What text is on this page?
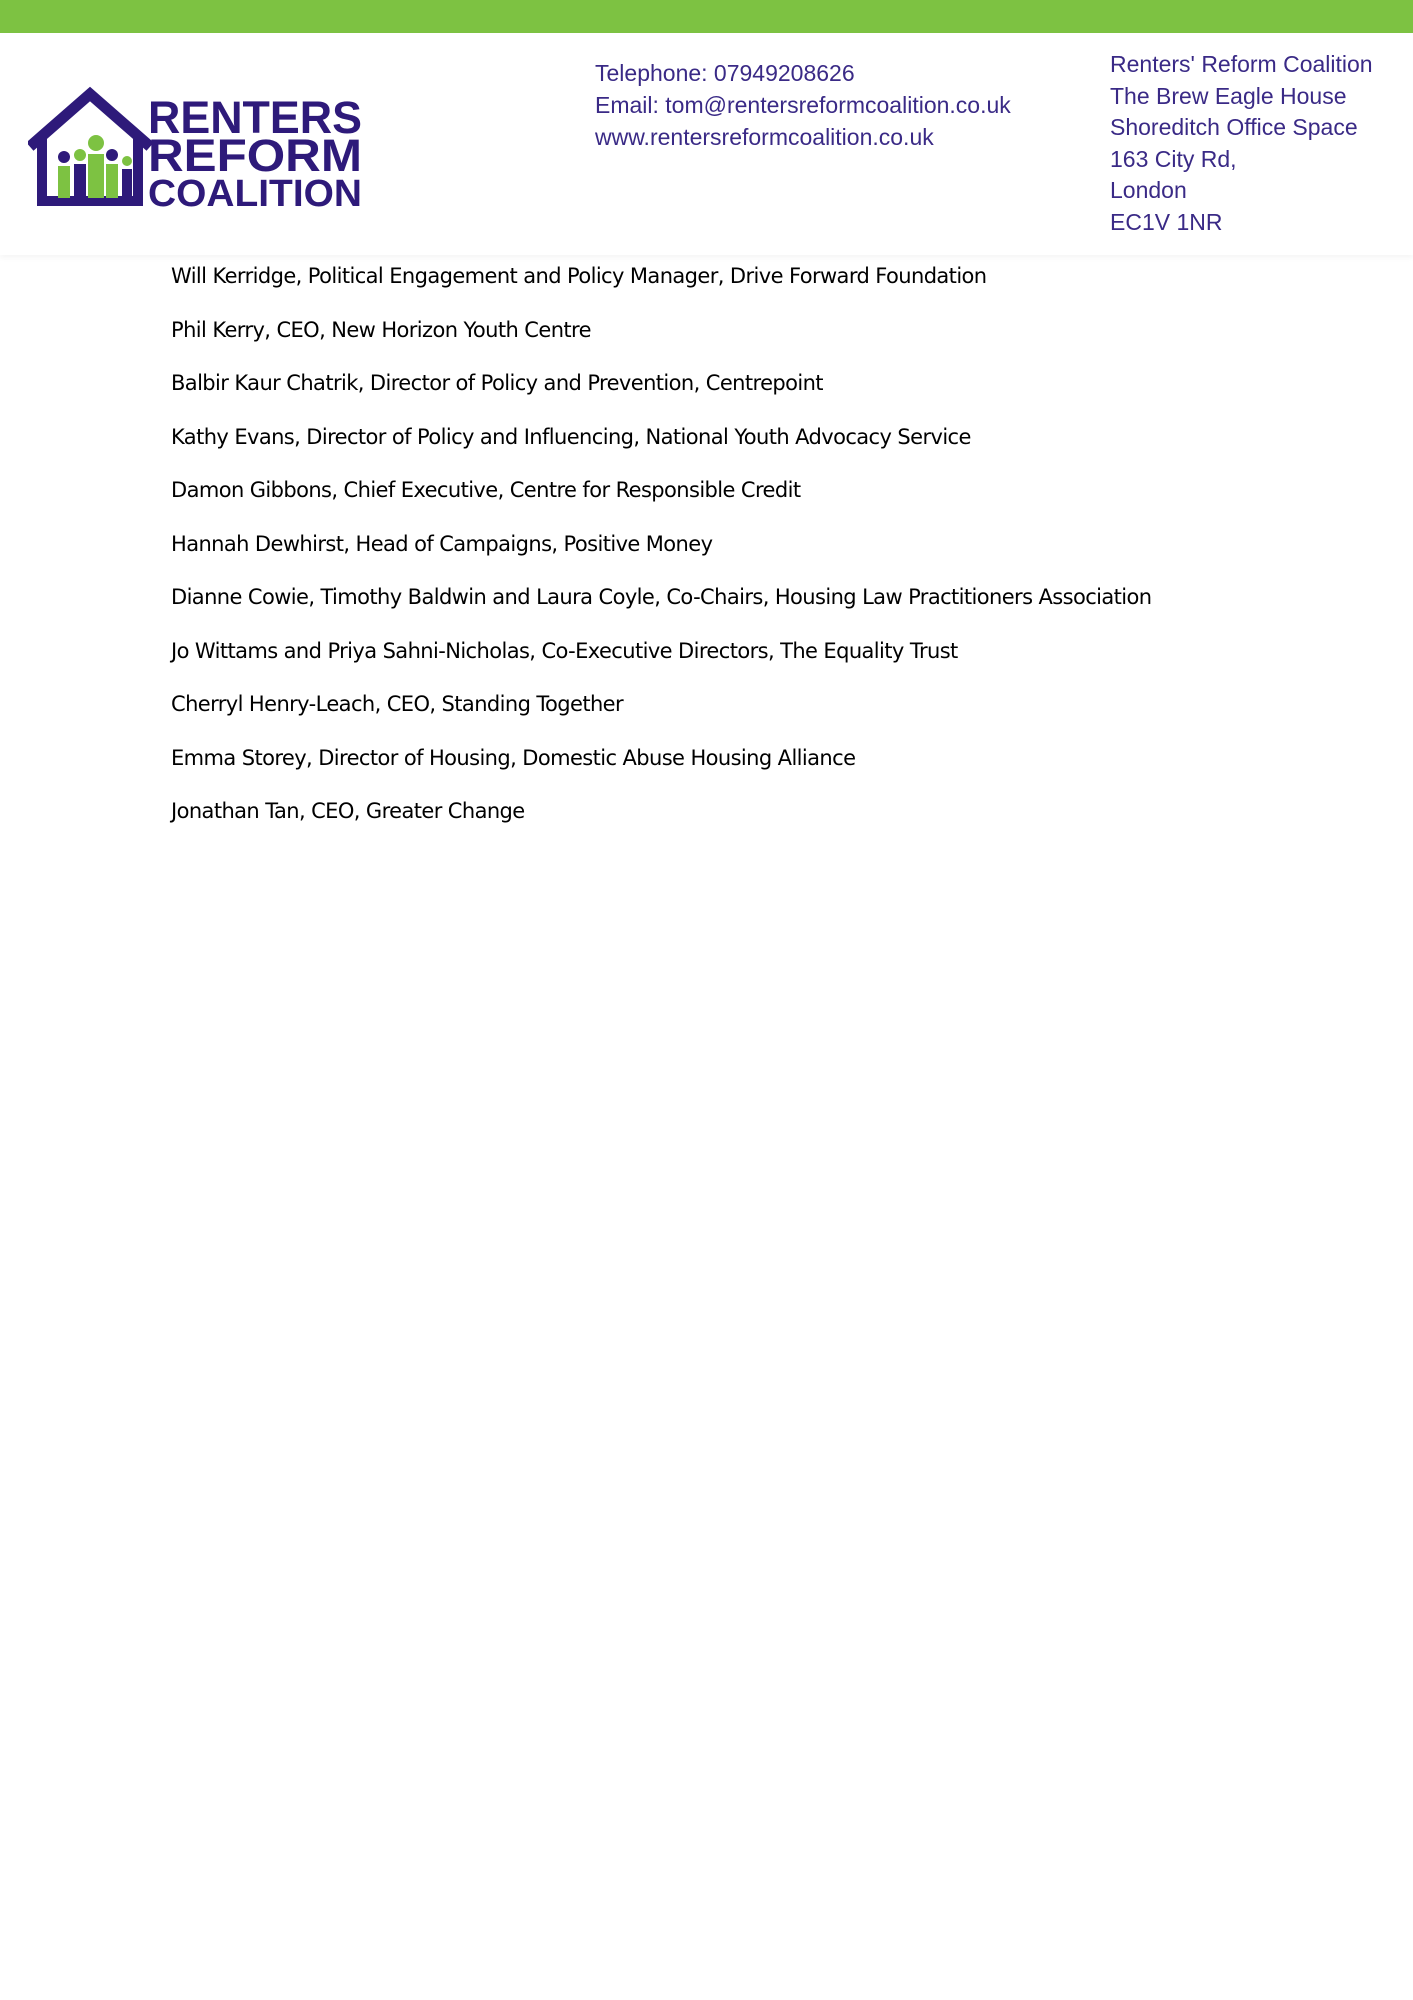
RENTERS
REFORM
COALITION
Telephone: 07949208626
Email: tom@rentersreformcoalition.co.uk
www.rentersreformcoalition.co.uk
Renters' Reform Coalition
The Brew Eagle House
Shoreditch Office Space
163 City Rd,
London
EC1V 1NR
Will Kerridge, Political Engagement and Policy Manager, Drive Forward Foundation
Phil Kerry, CEO, New Horizon Youth Centre
Balbir Kaur Chatrik, Director of Policy and Prevention, Centrepoint
Kathy Evans, Director of Policy and Influencing, National Youth Advocacy Service
Damon Gibbons, Chief Executive, Centre for Responsible Credit
Hannah Dewhirst, Head of Campaigns, Positive Money
Dianne Cowie, Timothy Baldwin and Laura Coyle, Co-Chairs, Housing Law Practitioners Association
Jo Wittams and Priya Sahni-Nicholas, Co-Executive Directors, The Equality Trust
Cherryl Henry-Leach, CEO, Standing Together
Emma Storey, Director of Housing, Domestic Abuse Housing Alliance
Jonathan Tan, CEO, Greater Change
